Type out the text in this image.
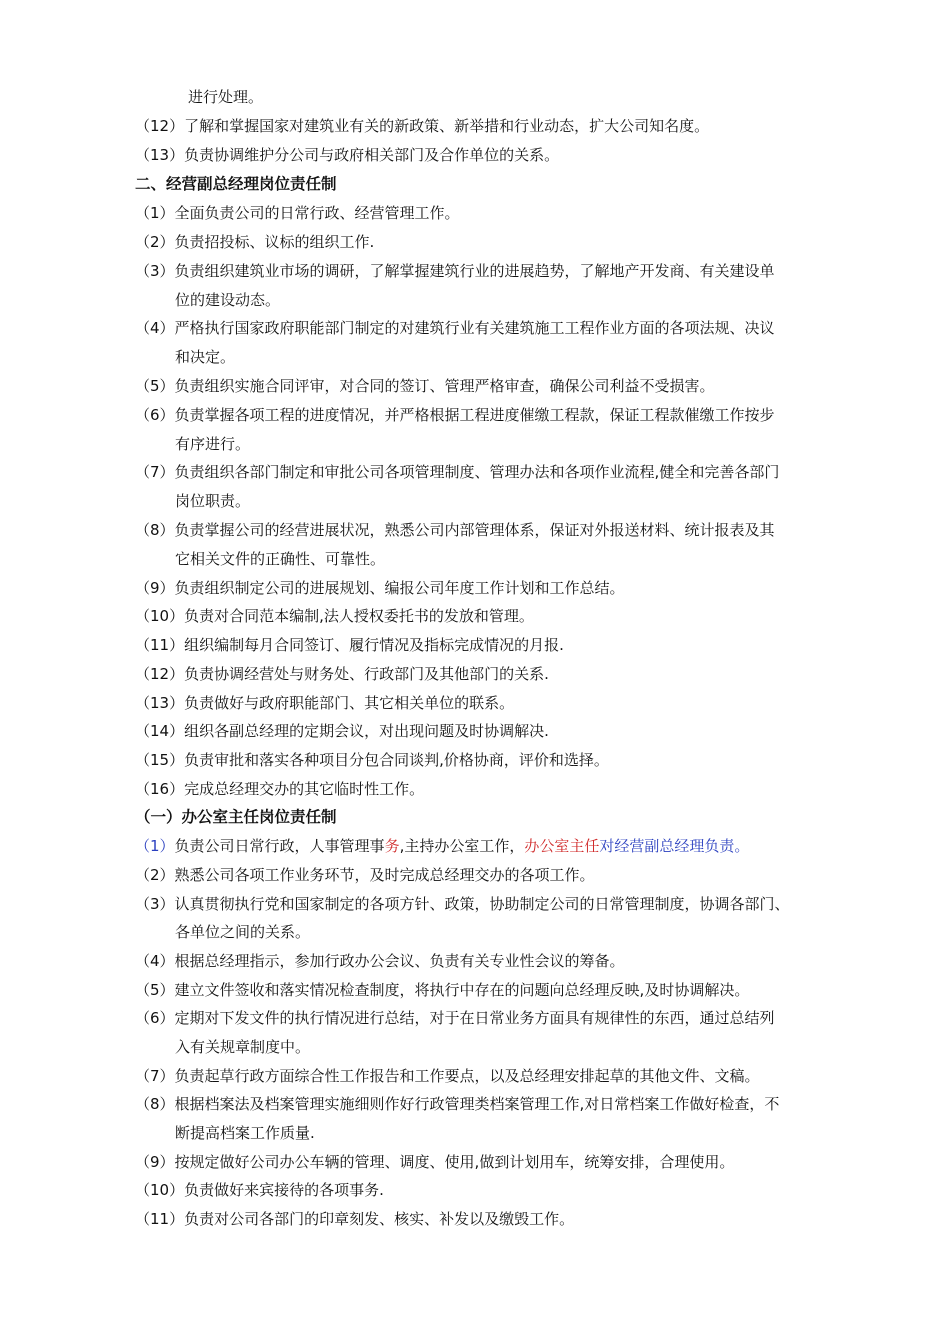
进行处理。
（12）了解和掌握国家对建筑业有关的新政策、新举措和行业动态，扩大公司知名度。
（13）负责协调维护分公司与政府相关部门及合作单位的关系。
二、经营副总经理岗位责任制
（1）全面负责公司的日常行政、经营管理工作。
（2）负责招投标、议标的组织工作.
（3）负责组织建筑业市场的调研，了解掌握建筑行业的进展趋势，了解地产开发商、有关建设单
位的建设动态。
（4）严格执行国家政府职能部门制定的对建筑行业有关建筑施工工程作业方面的各项法规、决议
和决定。
（5）负责组织实施合同评审，对合同的签订、管理严格审查，确保公司利益不受损害。
（6）负责掌握各项工程的进度情况，并严格根据工程进度催缴工程款，保证工程款催缴工作按步
有序进行。
（7）负责组织各部门制定和审批公司各项管理制度、管理办法和各项作业流程,健全和完善各部门
岗位职责。
（8）负责掌握公司的经营进展状况，熟悉公司内部管理体系，保证对外报送材料、统计报表及其
它相关文件的正确性、可靠性。
（9）负责组织制定公司的进展规划、编报公司年度工作计划和工作总结。
（10）负责对合同范本编制,法人授权委托书的发放和管理。
（11）组织编制每月合同签订、履行情况及指标完成情况的月报.
（12）负责协调经营处与财务处、行政部门及其他部门的关系.
（13）负责做好与政府职能部门、其它相关单位的联系。
（14）组织各副总经理的定期会议，对出现问题及时协调解决.
（15）负责审批和落实各种项目分包合同谈判,价格协商，评价和选择。
（16）完成总经理交办的其它临时性工作。
（一）办公室主任岗位责任制
（1）负责公司日常行政，人事管理事务,主持办公室工作，办公室主任对经营副总经理负责。
（2）熟悉公司各项工作业务环节，及时完成总经理交办的各项工作。
（3）认真贯彻执行党和国家制定的各项方针、政策，协助制定公司的日常管理制度，协调各部门、
各单位之间的关系。
（4）根据总经理指示，参加行政办公会议、负责有关专业性会议的筹备。
（5）建立文件签收和落实情况检查制度，将执行中存在的问题向总经理反映,及时协调解决。
（6）定期对下发文件的执行情况进行总结，对于在日常业务方面具有规律性的东西，通过总结列
入有关规章制度中。
（7）负责起草行政方面综合性工作报告和工作要点，以及总经理安排起草的其他文件、文稿。
（8）根据档案法及档案管理实施细则作好行政管理类档案管理工作,对日常档案工作做好检查，不
断提高档案工作质量.
（9）按规定做好公司办公车辆的管理、调度、使用,做到计划用车，统筹安排，合理使用。
（10）负责做好来宾接待的各项事务.
（11）负责对公司各部门的印章刻发、核实、补发以及缴毁工作。
